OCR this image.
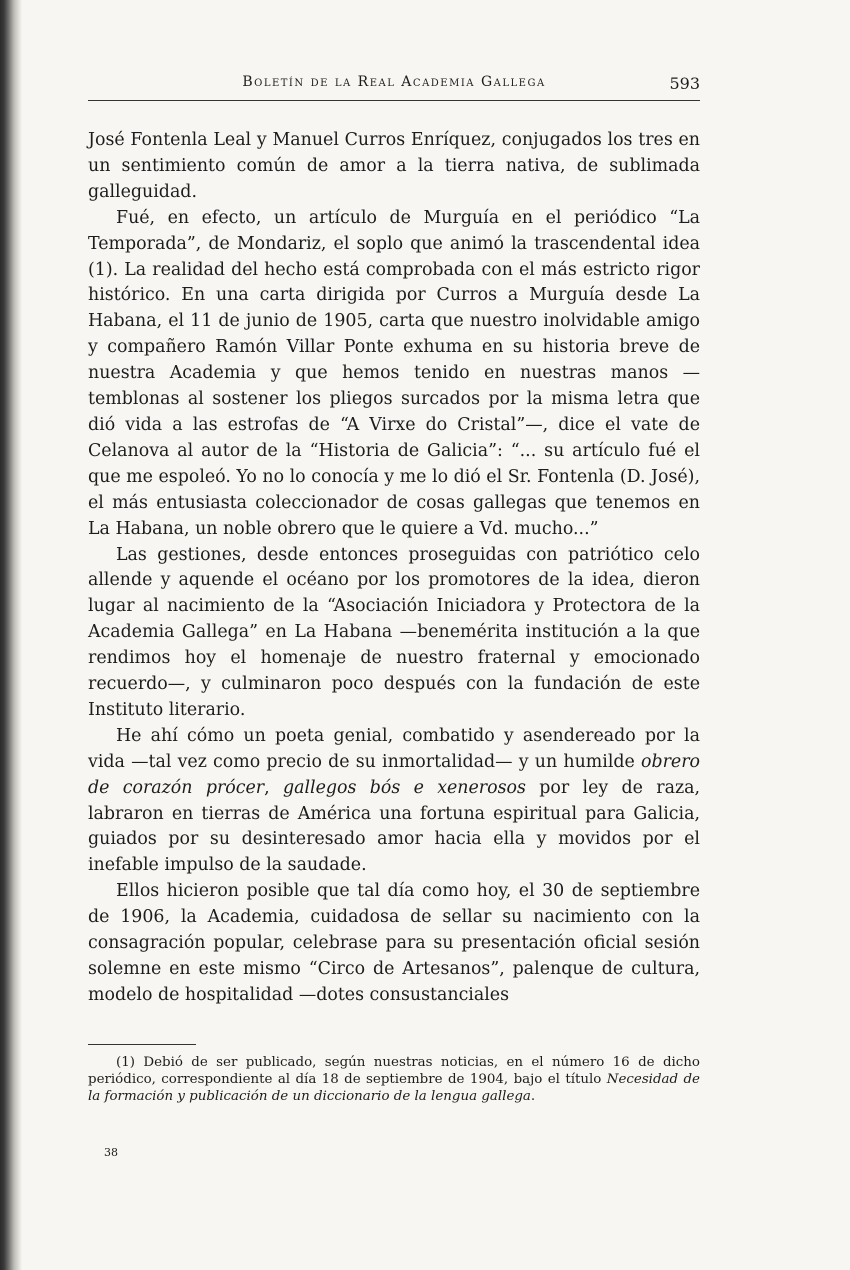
Boletín de la Real Academia Gallega	593

José Fontenla Leal y Manuel Curros Enríquez, conjugados los tres en un sentimiento común de amor a la tierra nativa, de sublimada galleguidad.

Fué, en efecto, un artículo de Murguía en el periódico “La Temporada”, de Mondariz, el soplo que animó la trascendental idea (1). La realidad del hecho está comprobada con el más estricto rigor histórico. En una carta dirigida por Curros a Murguía desde La Habana, el 11 de junio de 1905, carta que nuestro inolvidable amigo y compañero Ramón Villar Ponte exhuma en su historia breve de nuestra Academia y que hemos tenido en nuestras manos —temblonas al sostener los pliegos surcados por la misma letra que dió vida a las estrofas de “A Virxe do Cristal”—, dice el vate de Celanova al autor de la “Historia de Galicia”: “... su artículo fué el que me espoleó. Yo no lo conocía y me lo dió el Sr. Fontenla (D. José), el más entusiasta coleccionador de cosas gallegas que tenemos en La Habana, un noble obrero que le quiere a Vd. mucho...”

Las gestiones, desde entonces proseguidas con patriótico celo allende y aquende el océano por los promotores de la idea, dieron lugar al nacimiento de la “Asociación Iniciadora y Protectora de la Academia Gallega” en La Habana —benemérita institución a la que rendimos hoy el homenaje de nuestro fraternal y emocionado recuerdo—, y culminaron poco después con la fundación de este Instituto literario.

He ahí cómo un poeta genial, combatido y asendereado por la vida —tal vez como precio de su inmortalidad— y un humilde obrero de corazón prócer, gallegos bós e xenerosos por ley de raza, labraron en tierras de América una fortuna espiritual para Galicia, guiados por su desinteresado amor hacia ella y movidos por el inefable impulso de la saudade.

Ellos hicieron posible que tal día como hoy, el 30 de septiembre de 1906, la Academia, cuidadosa de sellar su nacimiento con la consagración popular, celebrase para su presentación oficial sesión solemne en este mismo “Circo de Artesanos”, palenque de cultura, modelo de hospitalidad —dotes consustanciales

(1) Debió de ser publicado, según nuestras noticias, en el número 16 de dicho periódico, correspondiente al día 18 de septiembre de 1904, bajo el título Necesidad de la formación y publicación de un diccionario de la lengua gallega.

38
